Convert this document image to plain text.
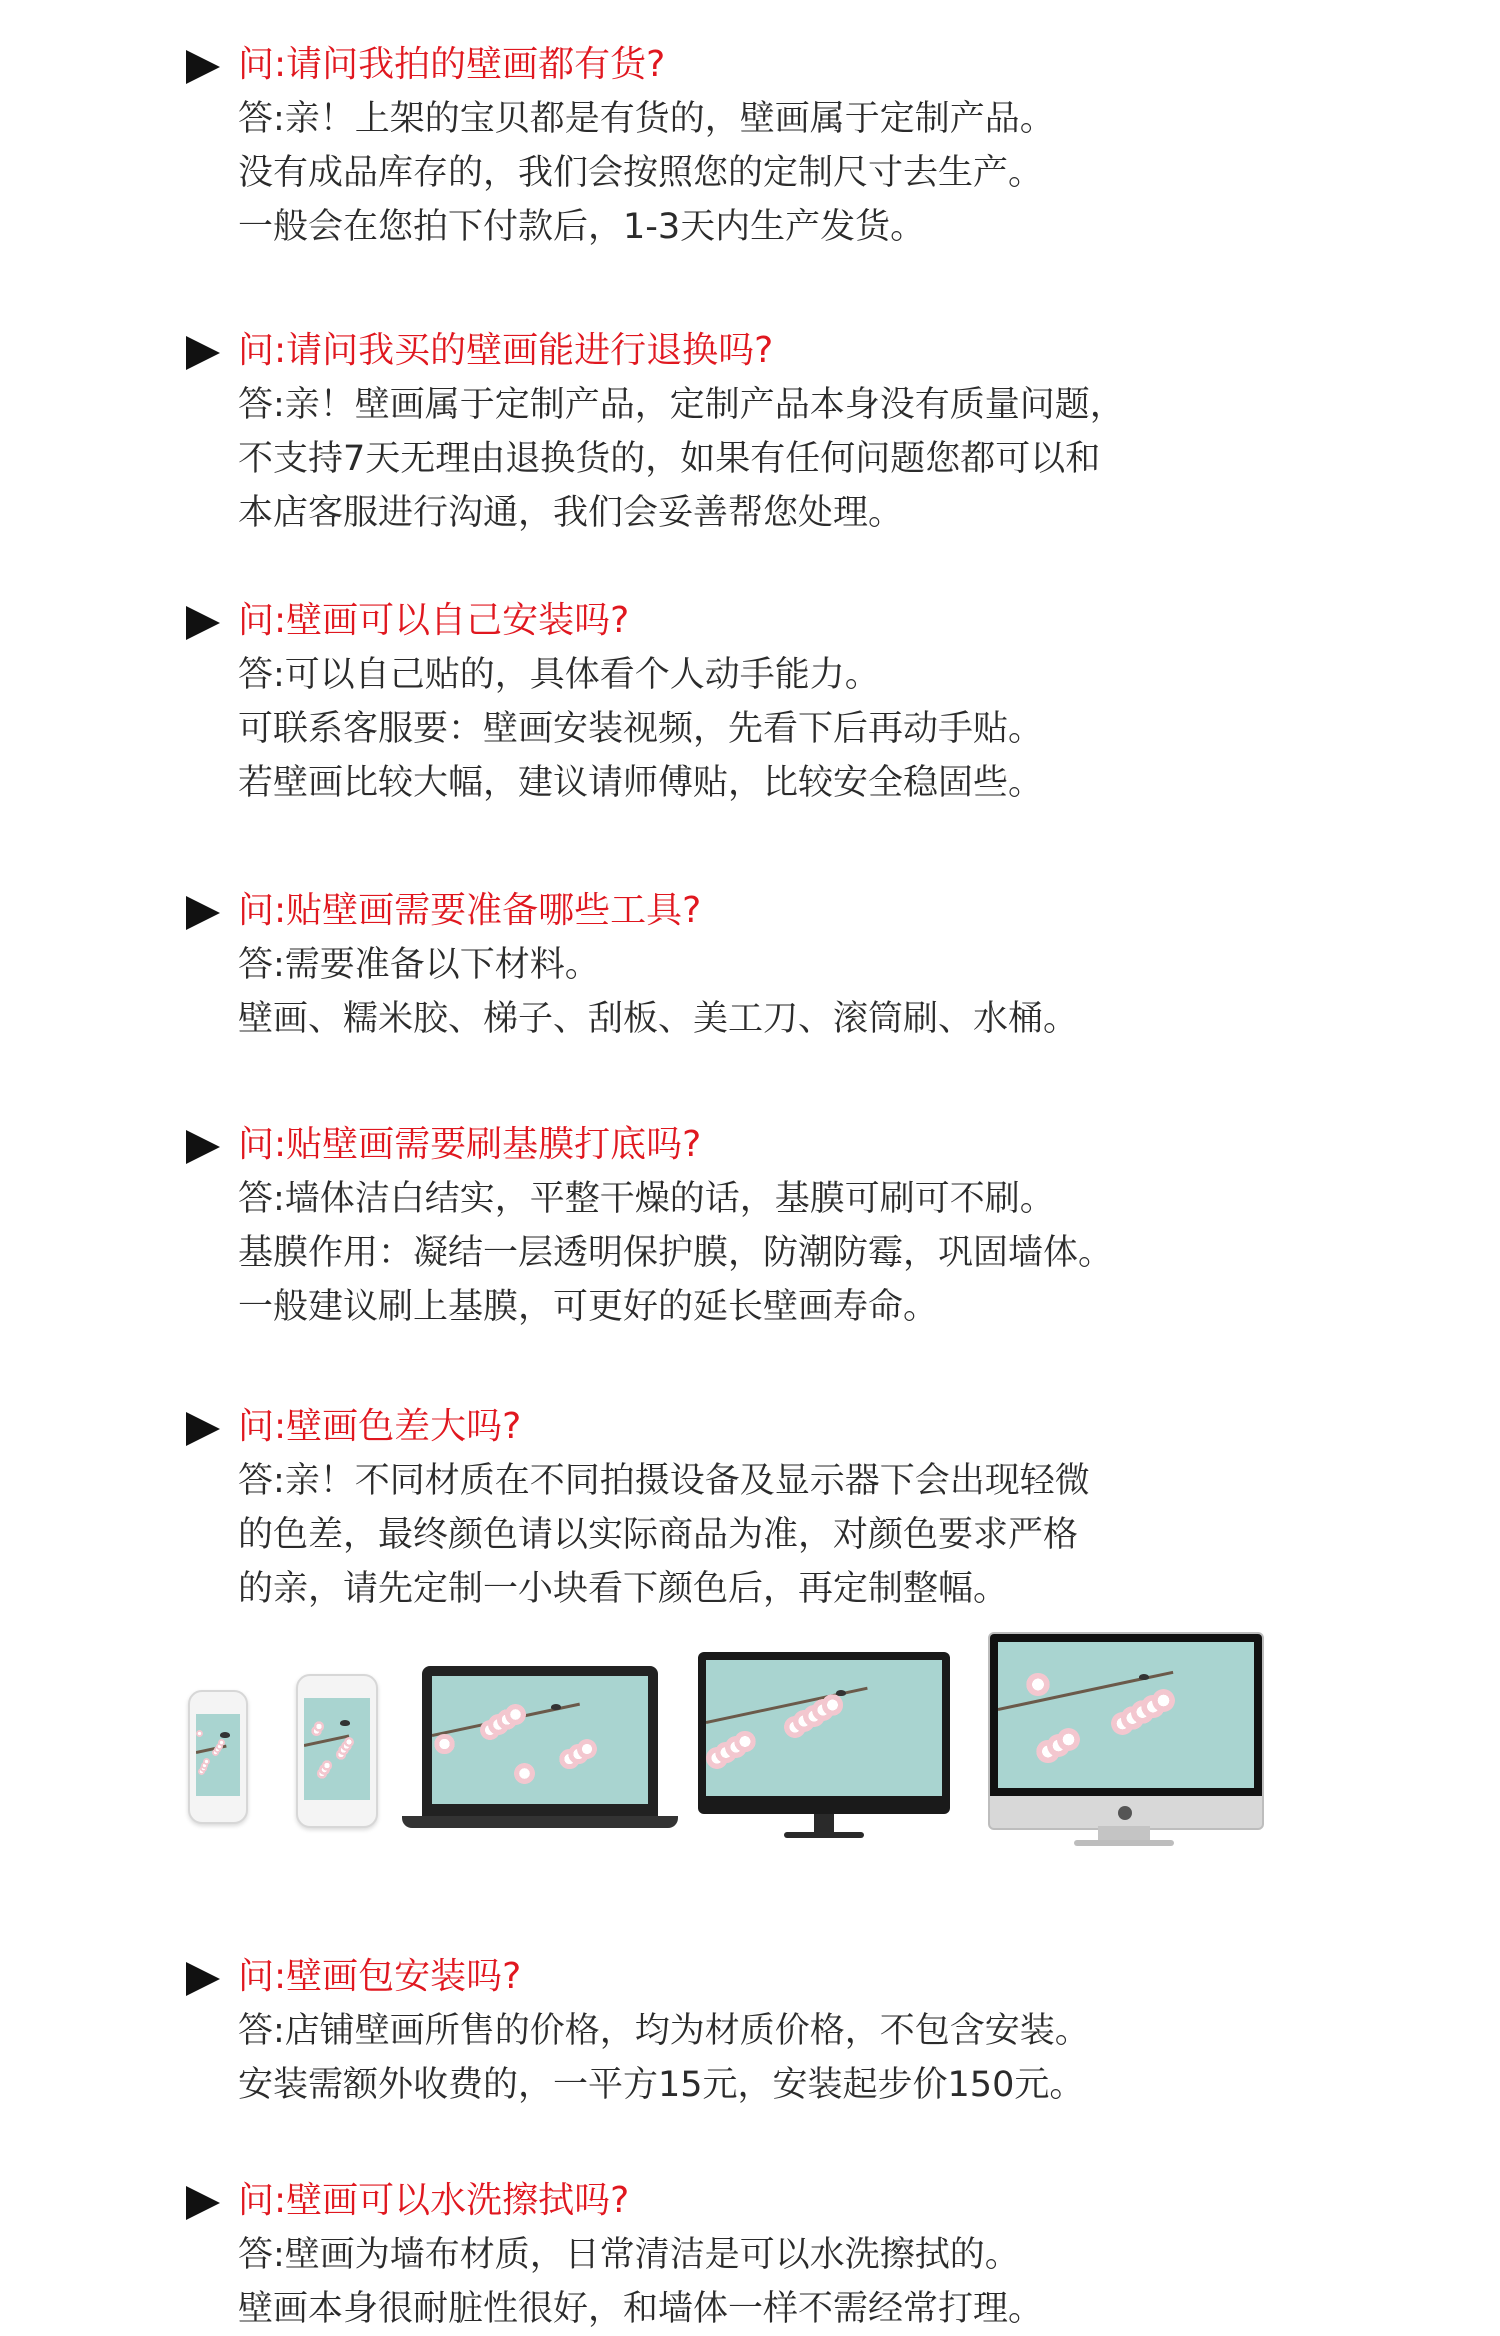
问:请问我拍的壁画都有货?
答:亲！上架的宝贝都是有货的，壁画属于定制产品。
没有成品库存的，我们会按照您的定制尺寸去生产。
一般会在您拍下付款后，1-3天内生产发货。
问:请问我买的壁画能进行退换吗?
答:亲！壁画属于定制产品，定制产品本身没有质量问题，
不支持7天无理由退换货的，如果有任何问题您都可以和
本店客服进行沟通，我们会妥善帮您处理。
问:壁画可以自己安装吗?
答:可以自己贴的，具体看个人动手能力。
可联系客服要：壁画安装视频，先看下后再动手贴。
若壁画比较大幅，建议请师傅贴，比较安全稳固些。
问:贴壁画需要准备哪些工具?
答:需要准备以下材料。
壁画、糯米胶、梯子、刮板、美工刀、滚筒刷、水桶。
问:贴壁画需要刷基膜打底吗?
答:墙体洁白结实，平整干燥的话，基膜可刷可不刷。
基膜作用：凝结一层透明保护膜，防潮防霉，巩固墙体。
一般建议刷上基膜，可更好的延长壁画寿命。
问:壁画色差大吗?
答:亲！不同材质在不同拍摄设备及显示器下会出现轻微
的色差，最终颜色请以实际商品为准，对颜色要求严格
的亲，请先定制一小块看下颜色后，再定制整幅。
问:壁画包安装吗?
答:店铺壁画所售的价格，均为材质价格，不包含安装。
安装需额外收费的，一平方15元，安装起步价150元。
问:壁画可以水洗擦拭吗?
答:壁画为墙布材质，日常清洁是可以水洗擦拭的。
壁画本身很耐脏性很好，和墙体一样不需经常打理。
